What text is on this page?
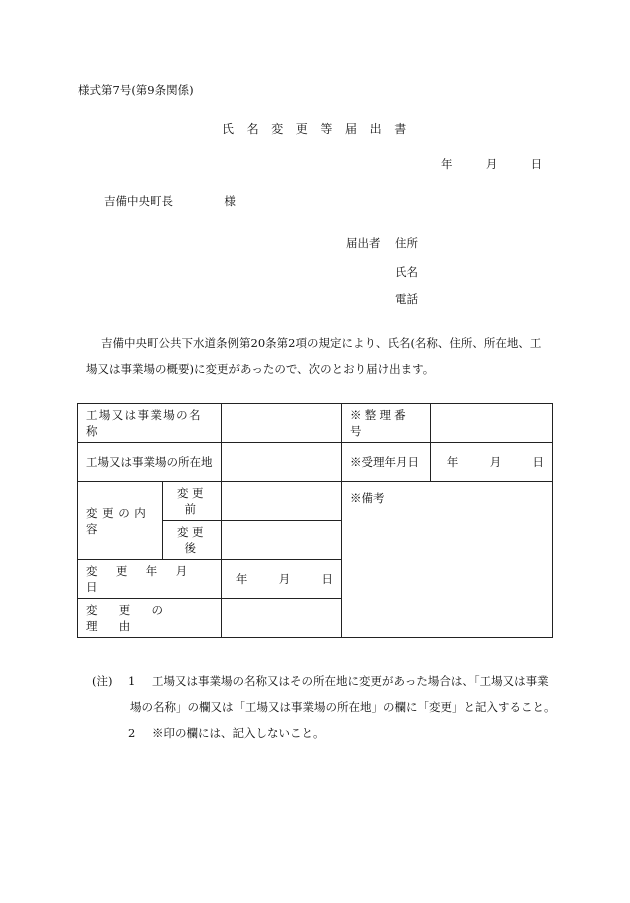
様式第7号(第9条関係)
氏名変更等届出書
年	月	日
吉備中央町長	様
届出者 住所
氏名
電話
吉備中央町公共下水道条例第20条第2項の規定により、氏名(名称、住所、所在地、工
場又は事業場の概要)に変更があったので、次のとおり届け出ます。
工場又は事業場の名称			※整理番号	
工場又は事業場の所在地			※受理年月日	年 月 日
変更の内容	変更前		※備考	
	変更後			
変更年月日		年 月 日		
変更の理由				
(注)	1	工場又は事業場の名称又はその所在地に変更があった場合は、「工場又は事業
場の名称」の欄又は「工場又は事業場の所在地」の欄に「変更」と記入すること。
2	※印の欄には、記入しないこと。
